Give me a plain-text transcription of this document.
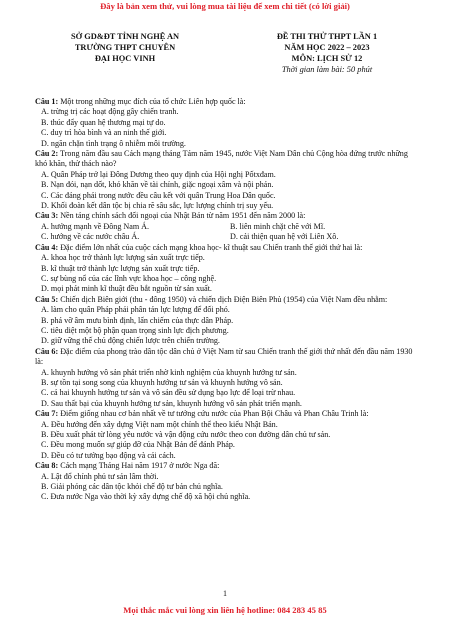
Đây là bản xem thử, vui lòng mua tài liệu để xem chi tiết (có lời giải)
SỞ GD&ĐT TỈNH NGHỆ AN
TRƯỜNG THPT CHUYÊN
ĐẠI HỌC VINH
ĐỀ THI THỬ THPT LẦN 1
NĂM HỌC 2022 – 2023
MÔN: LỊCH SỬ 12
Thời gian làm bài: 50 phút
Câu 1: Một trong những mục đích của tổ chức Liên hợp quốc là:
A. trừng trị các hoạt động gây chiến tranh.
B. thúc đẩy quan hệ thương mại tự do.
C. duy trì hòa bình và an ninh thế giới.
D. ngăn chặn tình trạng ô nhiễm môi trường.
Câu 2: Trong năm đầu sau Cách mạng tháng Tám năm 1945, nước Việt Nam Dân chủ Cộng hòa đứng trước những khó khăn, thử thách nào?
A. Quân Pháp trở lại Đông Dương theo quy định của Hội nghị Pốtxđam.
B. Nạn đói, nạn dốt, khó khăn về tài chính, giặc ngoại xâm và nội phản.
C. Các đảng phái trong nước đều câu kết với quân Trung Hoa Dân quốc.
D. Khối đoàn kết dân tộc bị chia rẽ sâu sắc, lực lượng chính trị suy yếu.
Câu 3: Nền tảng chính sách đối ngoại của Nhật Bản từ năm 1951 đến năm 2000 là:
A. hướng mạnh về Đông Nam Á.	B. liên minh chặt chẽ với Mĩ.
C. hướng về các nước châu Á.	D. cải thiện quan hệ với Liên Xô.
Câu 4: Đặc điểm lớn nhất của cuộc cách mạng khoa học- kĩ thuật sau Chiến tranh thế giới thứ hai là:
A. khoa học trở thành lực lượng sản xuất trực tiếp.
B. kĩ thuật trở thành lực lượng sản xuất trực tiếp.
C. sự bùng nổ của các lĩnh vực khoa học – công nghệ.
D. mọi phát minh kĩ thuật đều bắt nguồn từ sản xuất.
Câu 5: Chiến dịch Biên giới (thu - đông 1950) và chiến dịch Điện Biên Phủ (1954) của Việt Nam đều nhằm:
A. làm cho quân Pháp phải phân tán lực lượng để đối phó.
B. phá vỡ âm mưu bình định, lấn chiếm của thực dân Pháp.
C. tiêu diệt một bộ phận quan trọng sinh lực địch phương.
D. giữ vững thế chủ động chiến lược trên chiến trường.
Câu 6: Đặc điểm của phong trào dân tộc dân chủ ở Việt Nam từ sau Chiến tranh thế giới thứ nhất đến đầu năm 1930 là:
A. khuynh hướng vô sản phát triển nhờ kinh nghiệm của khuynh hướng tư sản.
B. sự tồn tại song song của khuynh hướng tư sản và khuynh hướng vô sản.
C. cả hai khuynh hướng tư sản và vô sản đều sử dụng bạo lực để loại trừ nhau.
D. Sau thất bại của khuynh hướng tư sản, khuynh hướng vô sản phát triển mạnh.
Câu 7: Điểm giống nhau cơ bản nhất về tư tưởng cứu nước của Phan Bội Châu và Phan Châu Trinh là:
A. Đều hướng đến xây dựng Việt nam một chính thể theo kiểu Nhật Bản.
B. Đều xuất phát từ lòng yêu nước và vận động cứu nước theo con đường dân chủ tư sản.
C. Đều mong muốn sự giúp đỡ của Nhật Bản để đánh Pháp.
D. Đều có tư tưởng bạo động và cải cách.
Câu 8: Cách mạng Tháng Hai năm 1917 ở nước Nga đã:
A. Lật đổ chính phủ tư sản lâm thời.
B. Giải phóng các dân tộc khỏi chế độ tư bản chủ nghĩa.
C. Đưa nước Nga vào thời kỳ xây dựng chế độ xã hội chủ nghĩa.
1
Mọi thắc mắc vui lòng xin liên hệ hotline: 084 283 45 85
